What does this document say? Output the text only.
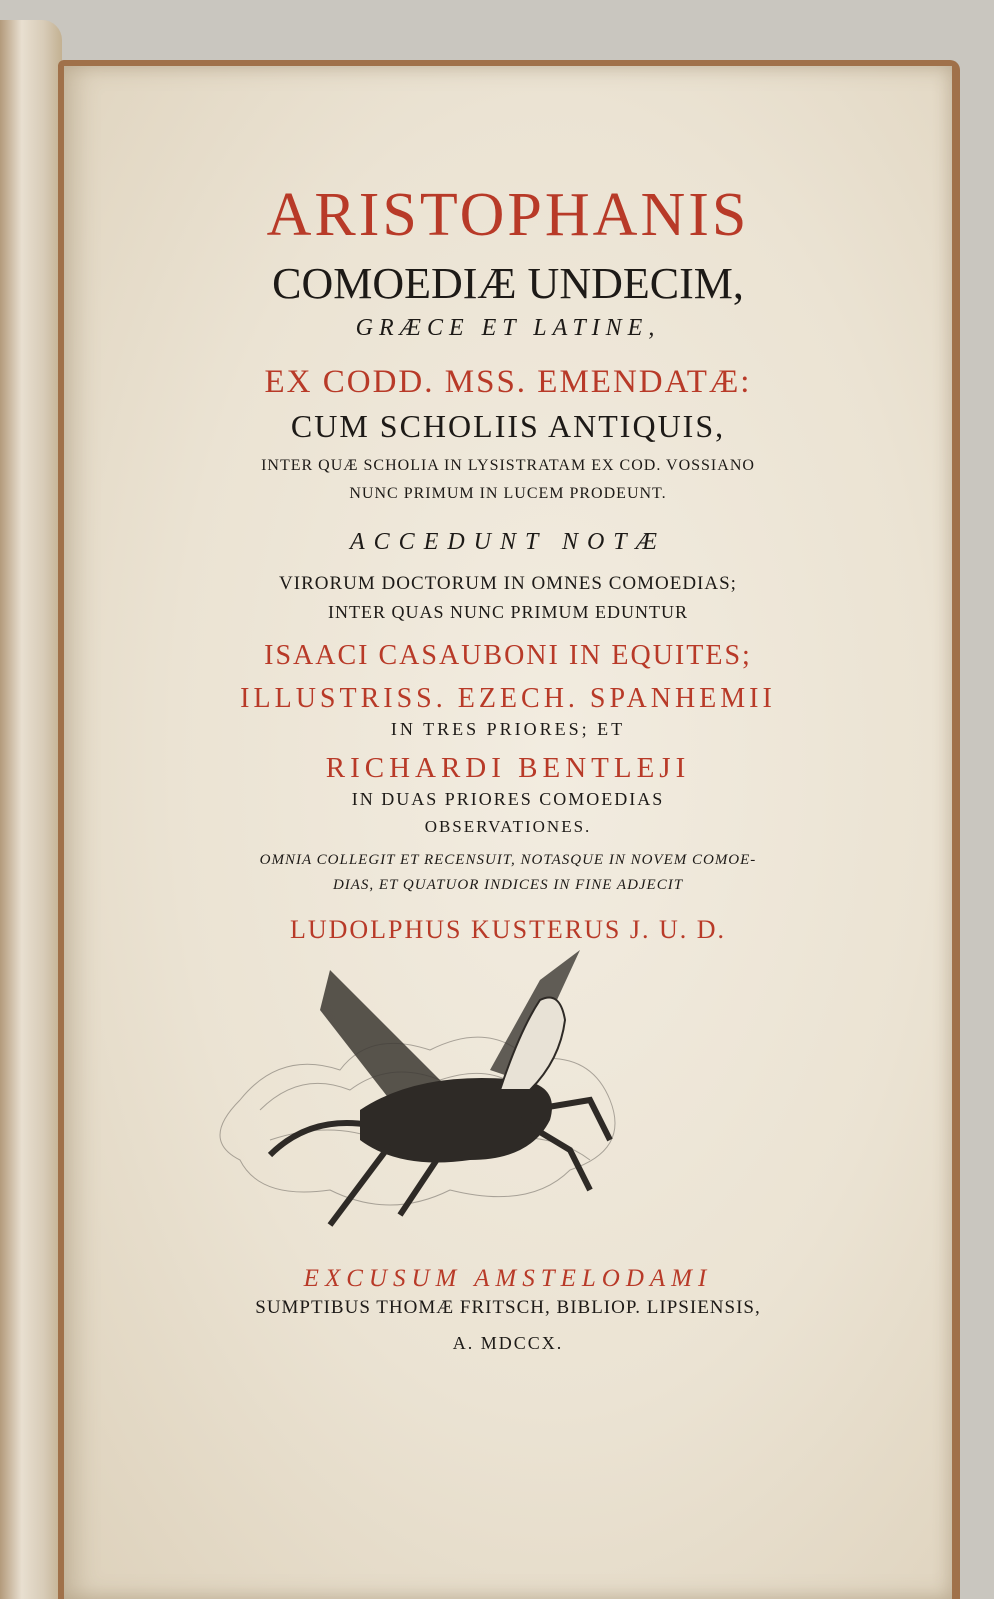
ARISTOPHANIS
COMOEDIÆ UNDECIM,
GRÆCE ET LATINE,
EX CODD. MSS. EMENDATÆ:
CUM SCHOLIIS ANTIQUIS,
INTER QUÆ SCHOLIA IN LYSISTRATAM EX COD. VOSSIANO
NUNC PRIMUM IN LUCEM PRODEUNT.
ACCEDUNT NOTÆ
VIRORUM DOCTORUM IN OMNES COMOEDIAS;
INTER QUAS NUNC PRIMUM EDUNTUR
ISAACI CASAUBONI IN EQUITES;
ILLUSTRISS. EZECH. SPANHEMII
IN TRES PRIORES; ET
RICHARDI BENTLEJI
IN DUAS PRIORES COMOEDIAS
OBSERVATIONES.
OMNIA COLLEGIT ET RECENSUIT, NOTASQUE IN NOVEM COMOE-
DIAS, ET QUATUOR INDICES IN FINE ADJECIT
LUDOLPHUS KUSTERUS J. U. D.
EXCUSUM AMSTELODAMI
SUMPTIBUS THOMÆ FRITSCH, BIBLIOP. LIPSIENSIS,
A. MDCCX.
